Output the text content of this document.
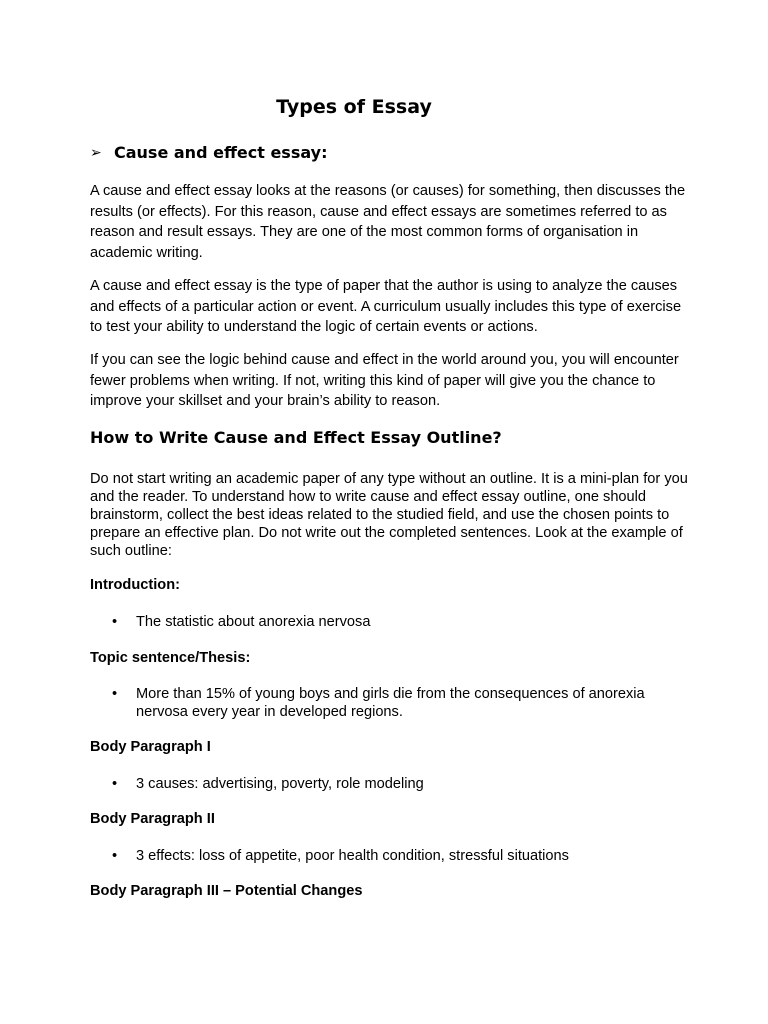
Types of Essay
➢ Cause and effect essay:

A cause and effect essay looks at the reasons (or causes) for something, then discusses the results (or effects). For this reason, cause and effect essays are sometimes referred to as reason and result essays. They are one of the most common forms of organisation in academic writing.

A cause and effect essay is the type of paper that the author is using to analyze the causes and effects of a particular action or event. A curriculum usually includes this type of exercise to test your ability to understand the logic of certain events or actions.

If you can see the logic behind cause and effect in the world around you, you will encounter fewer problems when writing. If not, writing this kind of paper will give you the chance to improve your skillset and your brain’s ability to reason.

How to Write Cause and Effect Essay Outline?

Do not start writing an academic paper of any type without an outline. It is a mini-plan for you and the reader. To understand how to write cause and effect essay outline, one should brainstorm, collect the best ideas related to the studied field, and use the chosen points to prepare an effective plan. Do not write out the completed sentences. Look at the example of such outline:

Introduction:

•	The statistic about anorexia nervosa

Topic sentence/Thesis:

•	More than 15% of young boys and girls die from the consequences of anorexia nervosa every year in developed regions.

Body Paragraph I

•	3 causes: advertising, poverty, role modeling

Body Paragraph II

•	3 effects: loss of appetite, poor health condition, stressful situations

Body Paragraph III – Potential Changes
